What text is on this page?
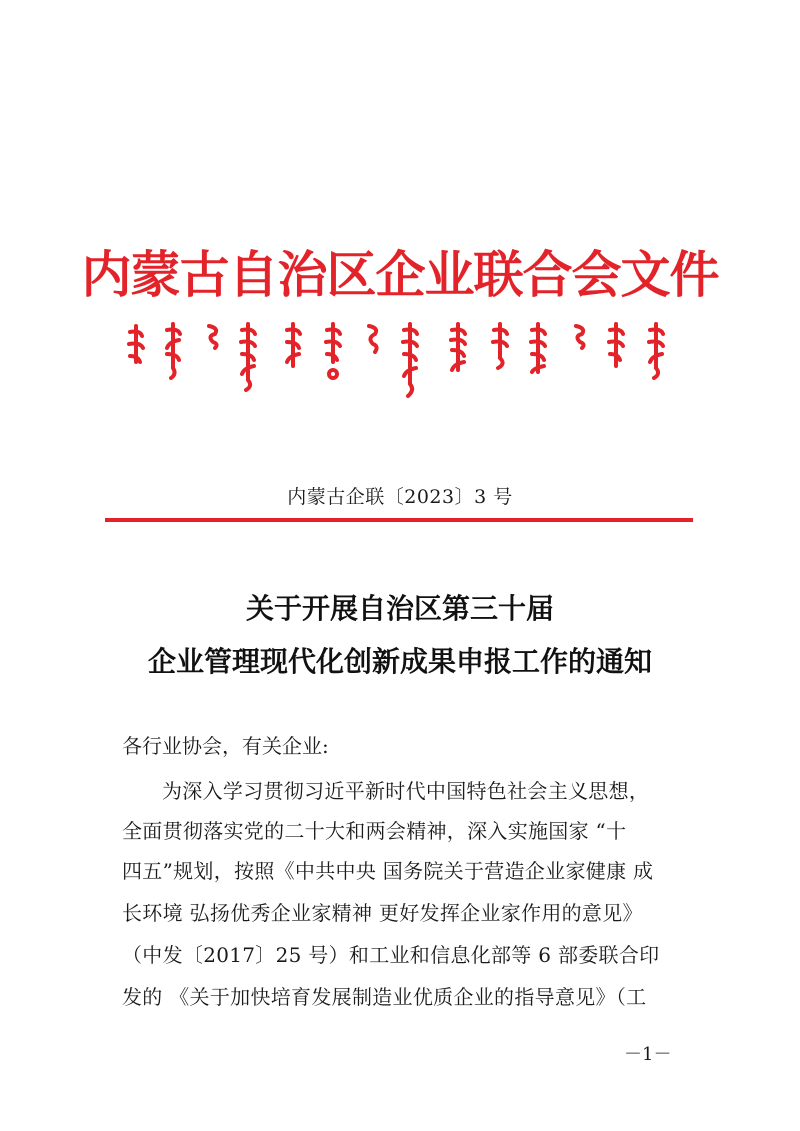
内蒙古自治区企业联合会文件
内蒙古企联〔2023〕3 号
关于开展自治区第三十届
企业管理现代化创新成果申报工作的通知
各行业协会，有关企业:
为深入学习贯彻习近平新时代中国特色社会主义思想，
全面贯彻落实党的二十大和两会精神，深入实施国家 “十
四五”规划，按照《中共中央 国务院关于营造企业家健康 成
长环境 弘扬优秀企业家精神 更好发挥企业家作用的意见》
（中发〔2017〕25 号）和工业和信息化部等 6 部委联合印
发的 《关于加快培育发展制造业优质企业的指导意见》（工
－1－
